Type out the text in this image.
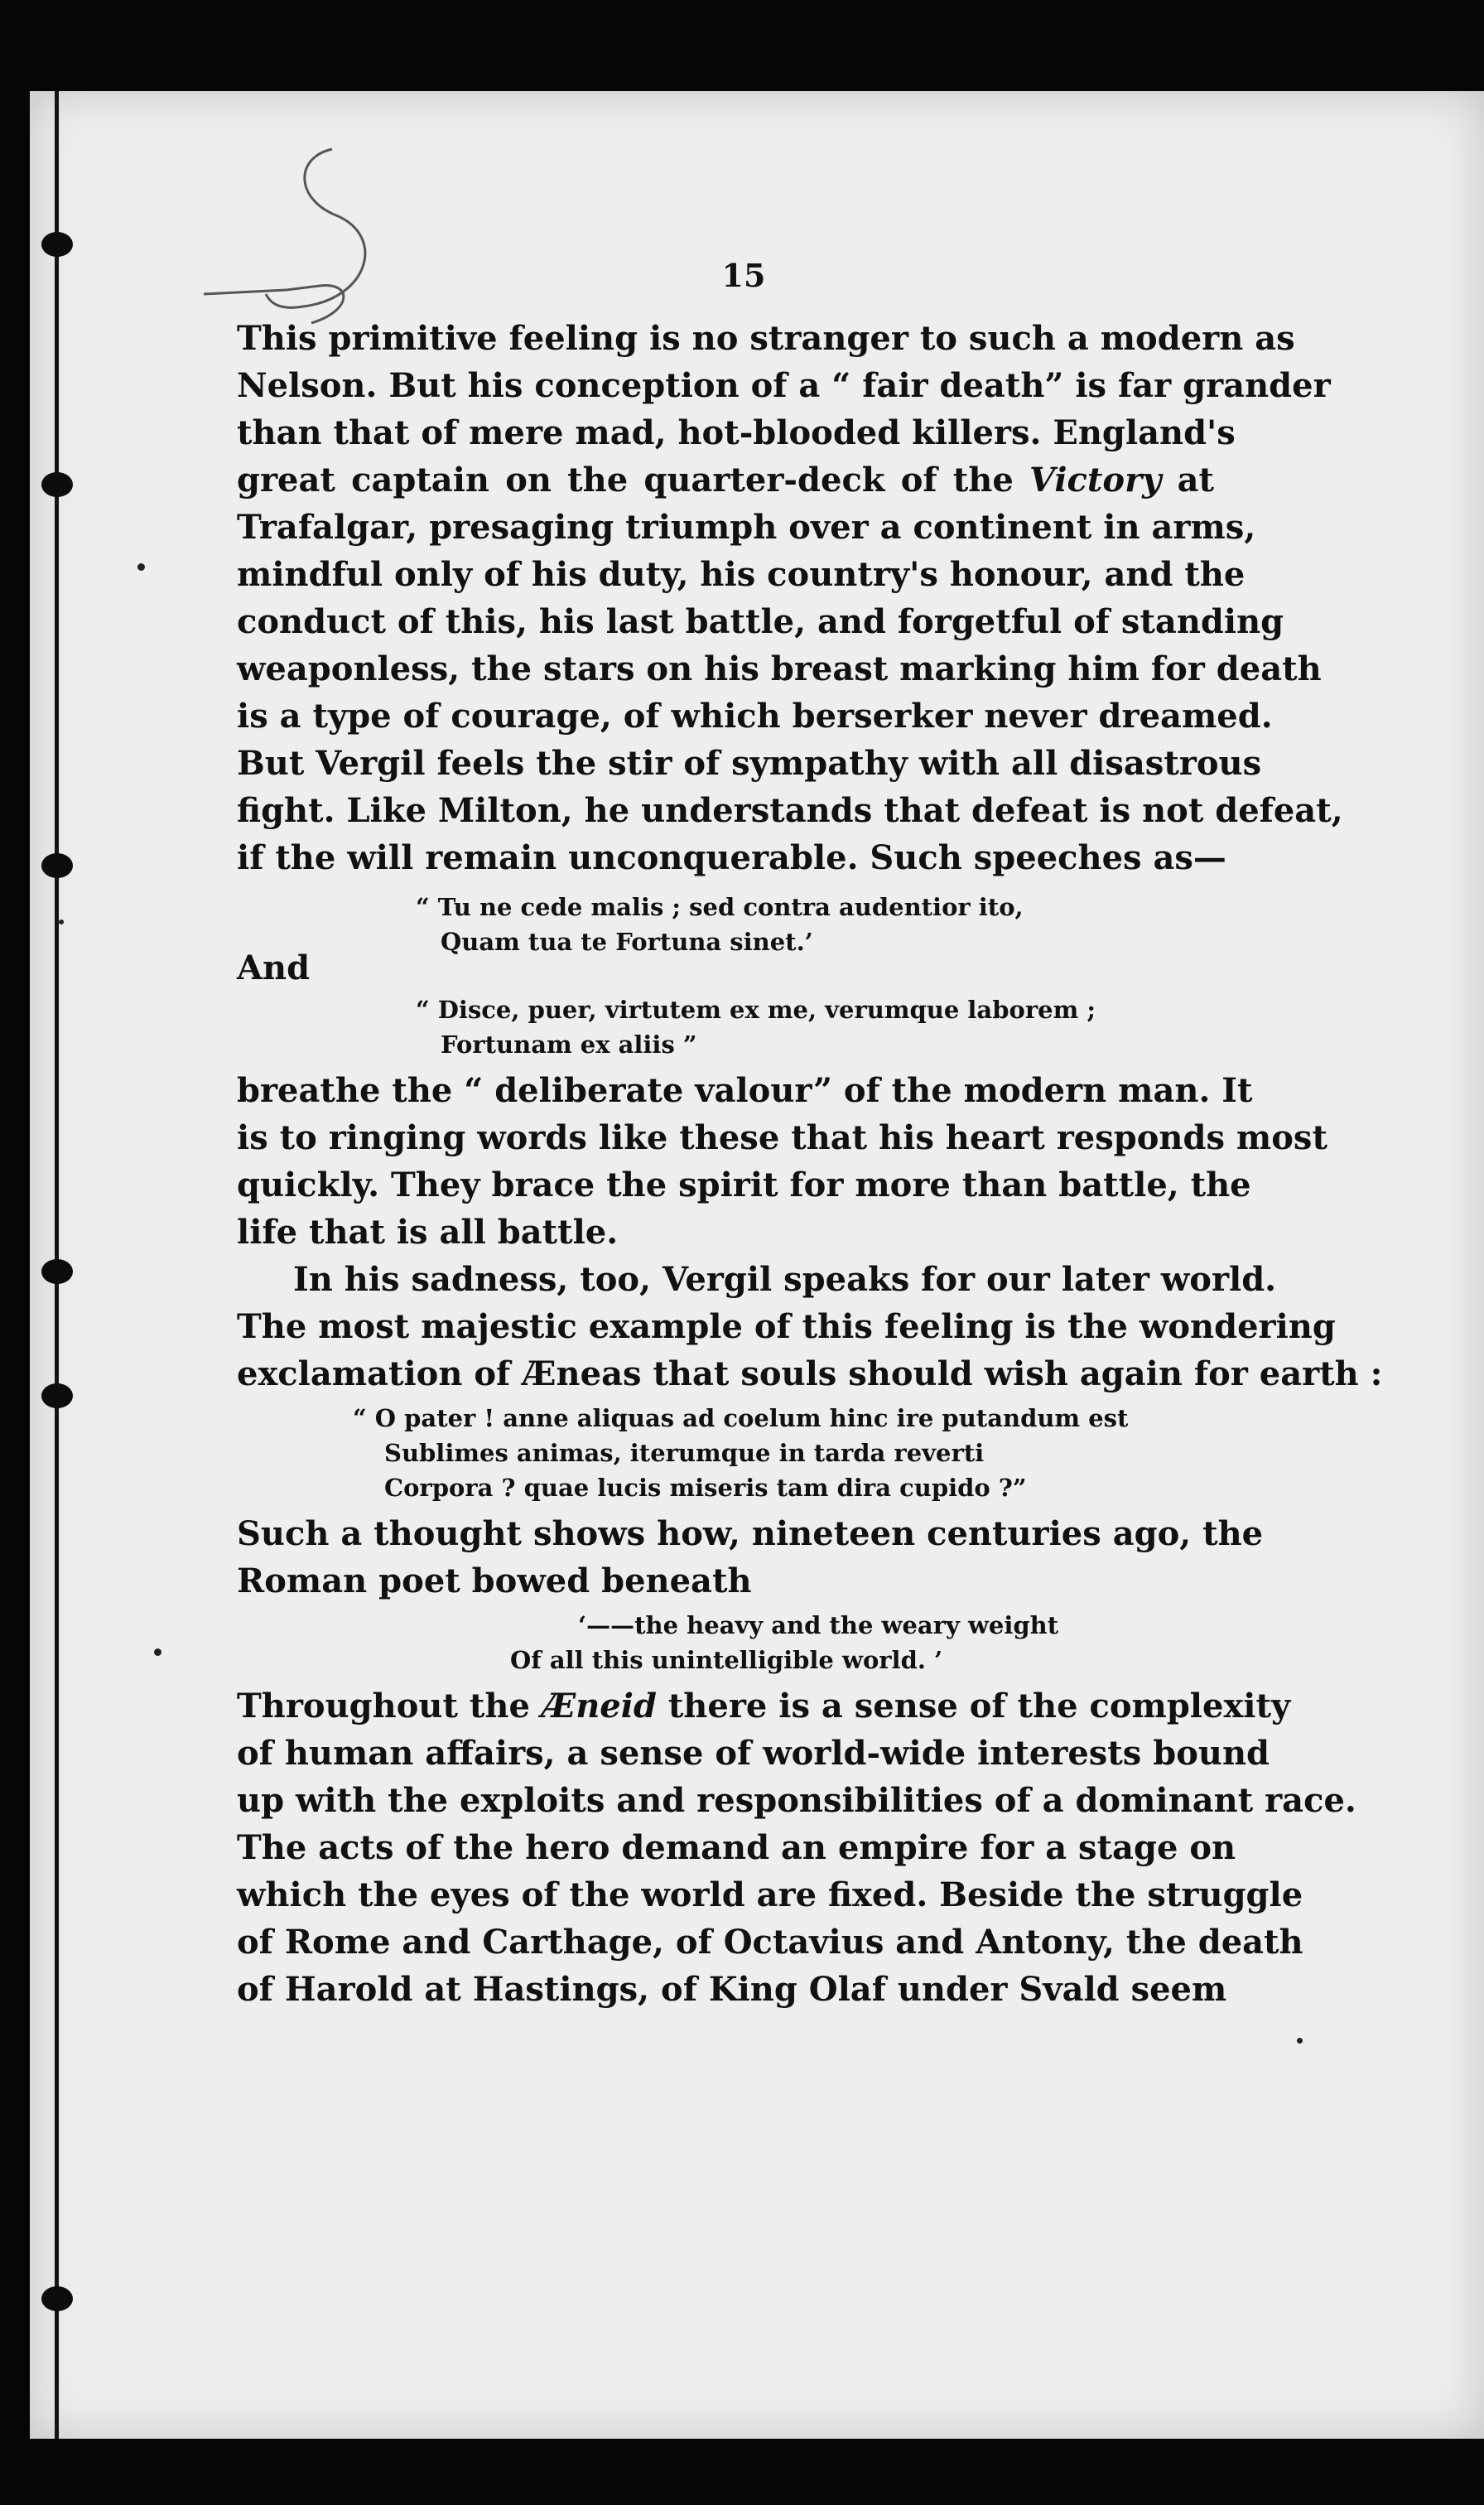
15

This primitive feeling is no stranger to such a modern as

Nelson. But his conception of a “ fair death” is far grander

than that of mere mad, hot-blooded killers. England's

great captain on the quarter-deck of the Victory at

Trafalgar, presaging triumph over a continent in arms,

mindful only of his duty, his country's honour, and the

conduct of this, his last battle, and forgetful of standing

weaponless, the stars on his breast marking him for death

is a type of courage, of which berserker never dreamed.

But Vergil feels the stir of sympathy with all disastrous

fight. Like Milton, he understands that defeat is not defeat,

if the will remain unconquerable. Such speeches as—

“ Tu ne cede malis ; sed contra audentior ito,
Quam tua te Fortuna sinet.’

And

“ Disce, puer, virtutem ex me, verumque laborem ;
Fortunam ex aliis ”

breathe the “ deliberate valour” of the modern man. It

is to ringing words like these that his heart responds most

quickly. They brace the spirit for more than battle, the

life that is all battle.

In his sadness, too, Vergil speaks for our later world.

The most majestic example of this feeling is the wondering

exclamation of Æneas that souls should wish again for earth :

“ O pater ! anne aliquas ad coelum hinc ire putandum est
Sublimes animas, iterumque in tarda reverti
Corpora ? quae lucis miseris tam dira cupido ?”

Such a thought shows how, nineteen centuries ago, the

Roman poet bowed beneath

‘——the heavy and the weary weight
Of all this unintelligible world. ’

Throughout the Æneid there is a sense of the complexity

of human affairs, a sense of world-wide interests bound

up with the exploits and responsibilities of a dominant race.

The acts of the hero demand an empire for a stage on

which the eyes of the world are fixed. Beside the struggle

of Rome and Carthage, of Octavius and Antony, the death

of Harold at Hastings, of King Olaf under Svald seem
